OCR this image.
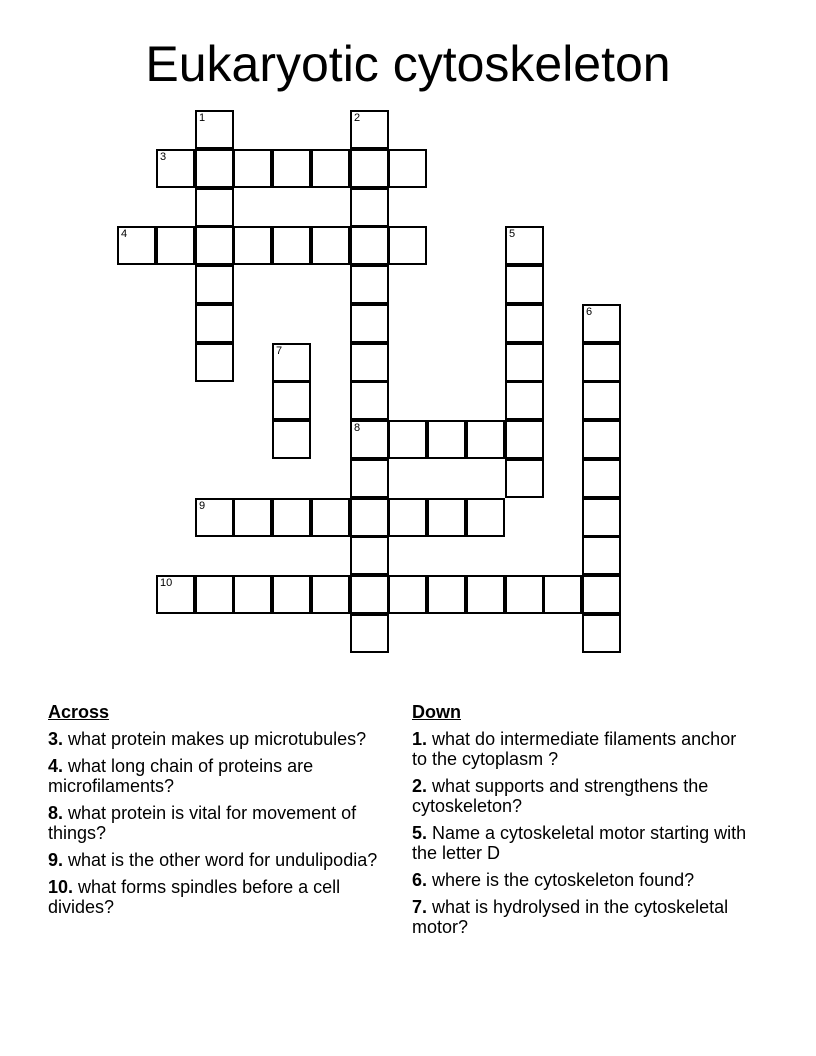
Eukaryotic cytoskeleton
1	2
3
4	5
6
7
8
9
10
Across
3. what protein makes up microtubules?
4. what long chain of proteins are microfilaments?
8. what protein is vital for movement of things?
9. what is the other word for undulipodia?
10. what forms spindles before a cell divides?
Down
1. what do intermediate filaments anchor to the cytoplasm ?
2. what supports and strengthens the cytoskeleton?
5. Name a cytoskeletal motor starting with the letter D
6. where is the cytoskeleton found?
7. what is hydrolysed in the cytoskeletal motor?
